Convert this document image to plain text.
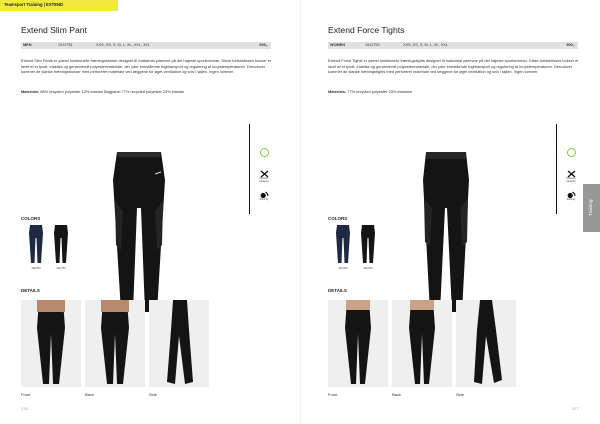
Teamsport Training | EXTEND
Extend Slim Pant
MEN	1912751	XXS, XS, S, M, L, XL, XXL, 3XL	600,-

Extend Slim Pants er ydersl funktionelle træningsbukser designet til maksimal ydeevne på det højeste sportsniveau. Disse fortsiddisses bukser er lavet af et tyndt, elastisk og genanvendt polyestermateriale, der yder enestående fugttransport og regulering af kropstemperaturen. Derudover kommer de slanke træningsbukser med perforeret materiale ved læggene for øget ventilation og sniv i tøjlen. Ingen lommer.

Materials: 88% recycled polyester 12% elastan Bagpanel 77% recycled polyester 23% elastan

Moisture transport
Stretchy
COLORS
1912751	1912751
DETAILS
Front	Back	Side
176
Extend Force Tights
WOMEN	1912752	XXS, XS, S, M, L, XL, XXL	500,-

Extend Force Tights er ydersl funktionelle træningstights designet til maksimal ydeevne på det højeste sportsniveau. Disse fortsiddisses bukser er lavet af et tyndt, elastisk og genanvendt polyestermateriale, der yder enestående fugttransport og regulering af kropstemperaturen. Derudover kommer de slanke træningstights med perforeret materiale ved læggene for øget ventilation og sniv i tøjlen. Ingen lommer.

Materials: 77% recycled polyester 23% elastane

Moisture transport
Stretchy
COLORS
1912752	1912752
DETAILS
Front	Back	Side
177
Training
